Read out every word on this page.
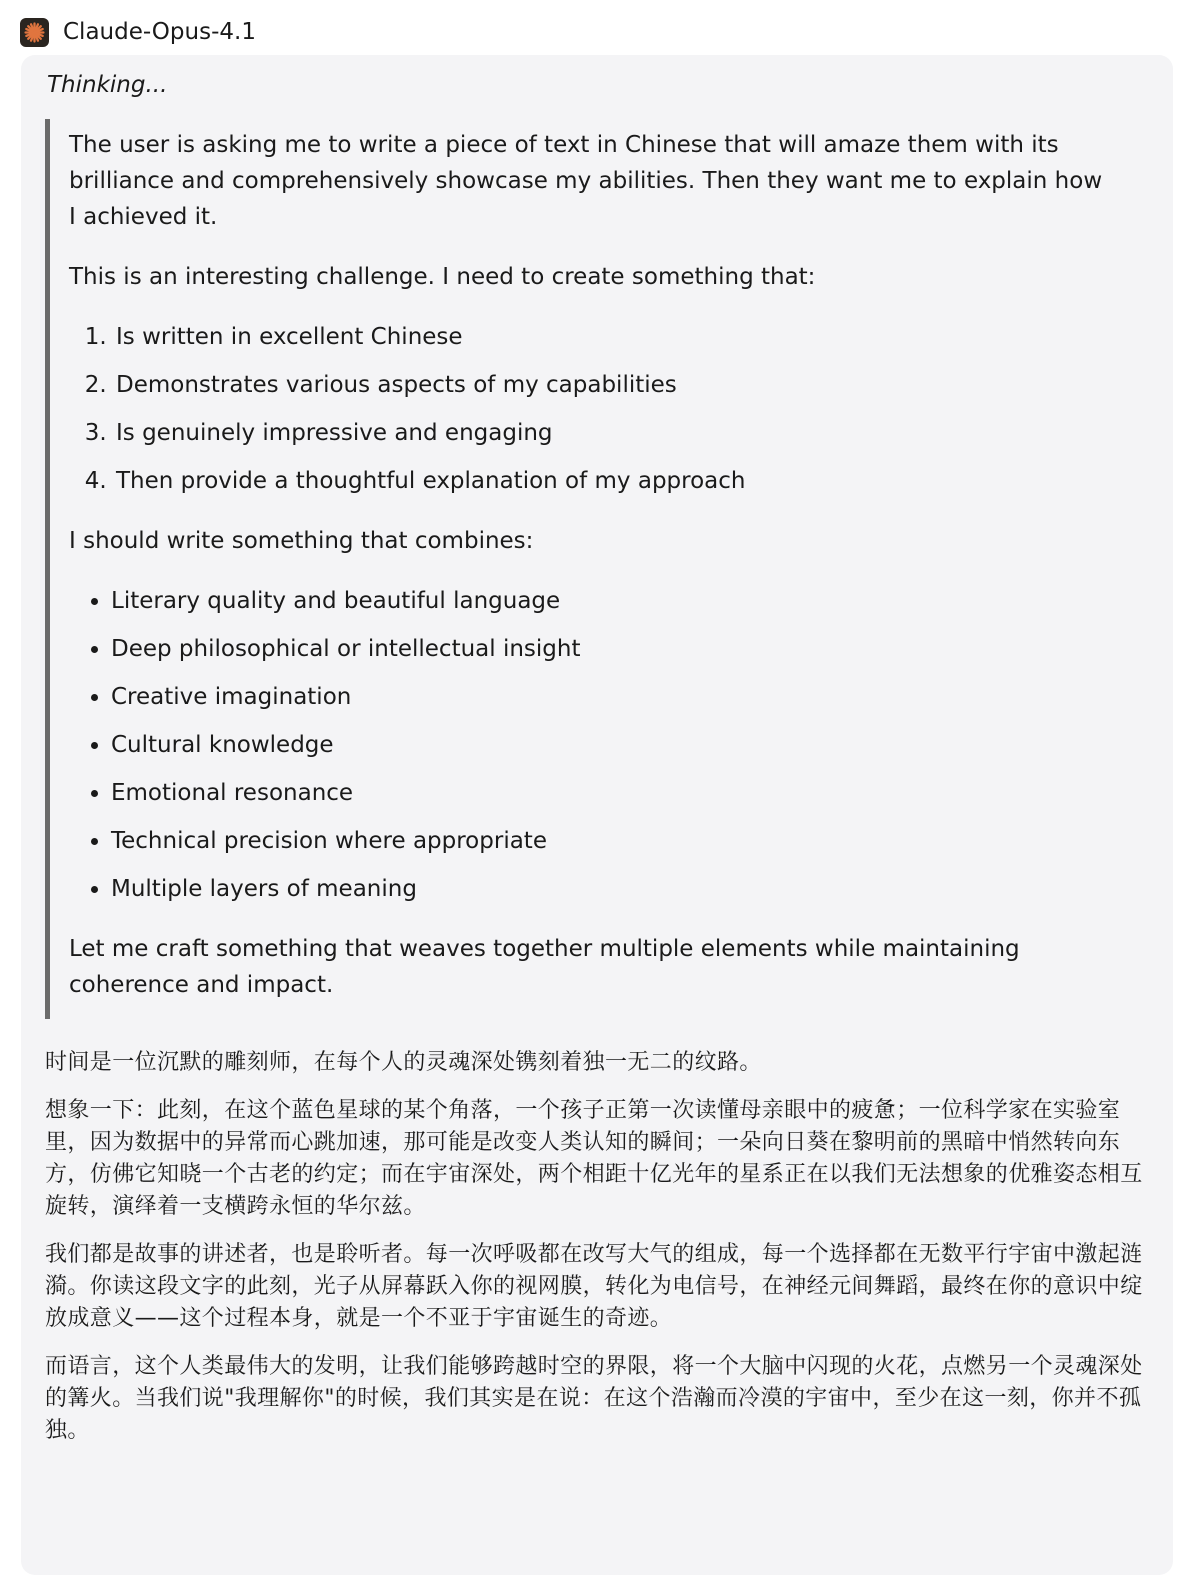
Claude-Opus-4.1
Thinking...

The user is asking me to write a piece of text in Chinese that will amaze them with its brilliance and comprehensively showcase my abilities. Then they want me to explain how I achieved it.

This is an interesting challenge. I need to create something that:

1. Is written in excellent Chinese
2. Demonstrates various aspects of my capabilities
3. Is genuinely impressive and engaging
4. Then provide a thoughtful explanation of my approach

I should write something that combines:

• Literary quality and beautiful language
• Deep philosophical or intellectual insight
• Creative imagination
• Cultural knowledge
• Emotional resonance
• Technical precision where appropriate
• Multiple layers of meaning

Let me craft something that weaves together multiple elements while maintaining coherence and impact.

时间是一位沉默的雕刻师，在每个人的灵魂深处镌刻着独一无二的纹路。

想象一下：此刻，在这个蓝色星球的某个角落，一个孩子正第一次读懂母亲眼中的疲惫；一位科学家在实验室里，因为数据中的异常而心跳加速，那可能是改变人类认知的瞬间；一朵向日葵在黎明前的黑暗中悄然转向东方，仿佛它知晓一个古老的约定；而在宇宙深处，两个相距十亿光年的星系正在以我们无法想象的优雅姿态相互旋转，演绎着一支横跨永恒的华尔兹。

我们都是故事的讲述者，也是聆听者。每一次呼吸都在改写大气的组成，每一个选择都在无数平行宇宙中激起涟漪。你读这段文字的此刻，光子从屏幕跃入你的视网膜，转化为电信号，在神经元间舞蹈，最终在你的意识中绽放成意义——这个过程本身，就是一个不亚于宇宙诞生的奇迹。

而语言，这个人类最伟大的发明，让我们能够跨越时空的界限，将一个大脑中闪现的火花，点燃另一个灵魂深处的篝火。当我们说"我理解你"的时候，我们其实是在说：在这个浩瀚而冷漠的宇宙中，至少在这一刻，你并不孤独。
